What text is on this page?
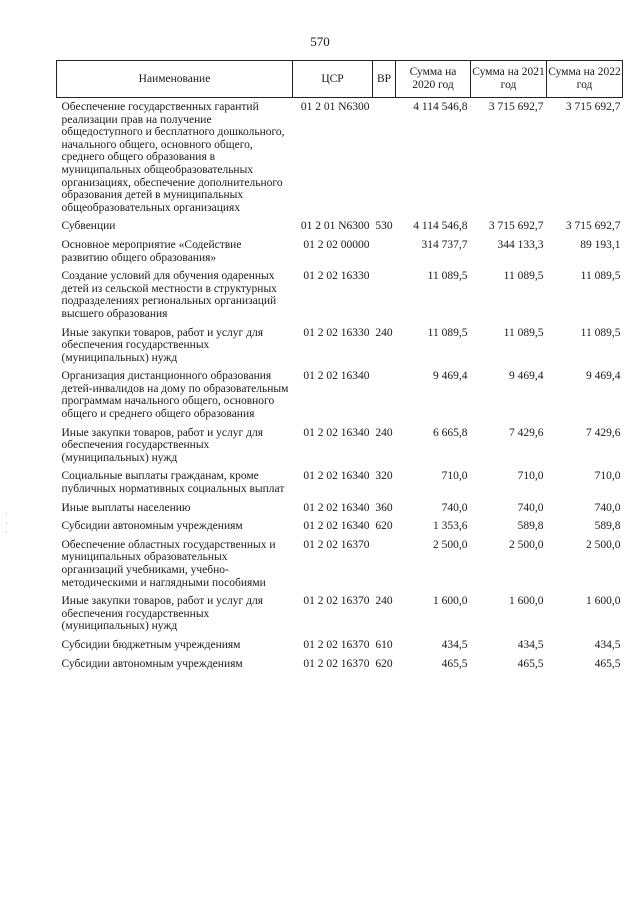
570
Наименование	ЦСР	ВР	Сумма на 2020 год	Сумма на 2021 год	Сумма на 2022 год
Обеспечение государственных гарантий реализации прав на получение общедоступного и бесплатного дошкольного, начального общего, основного общего, среднего общего образования в муниципальных общеобразовательных организациях, обеспечение дополнительного образования детей в муниципальных общеобразовательных организациях	01 2 01 N6300		4 114 546,8	3 715 692,7	3 715 692,7
Субвенции	01 2 01 N6300	530	4 114 546,8	3 715 692,7	3 715 692,7
Основное мероприятие «Содействие развитию общего образования»	01 2 02 00000		314 737,7	344 133,3	89 193,1
Создание условий для обучения одаренных детей из сельской местности в структурных подразделениях региональных организаций высшего образования	01 2 02 16330		11 089,5	11 089,5	11 089,5
Иные закупки товаров, работ и услуг для обеспечения государственных (муниципальных) нужд	01 2 02 16330	240	11 089,5	11 089,5	11 089,5
Организация дистанционного образования детей-инвалидов на дому по образовательным программам начального общего, основного общего и среднего общего образования	01 2 02 16340		9 469,4	9 469,4	9 469,4
Иные закупки товаров, работ и услуг для обеспечения государственных (муниципальных) нужд	01 2 02 16340	240	6 665,8	7 429,6	7 429,6
Социальные выплаты гражданам, кроме публичных нормативных социальных выплат	01 2 02 16340	320	710,0	710,0	710,0
Иные выплаты населению	01 2 02 16340	360	740,0	740,0	740,0
Субсидии автономным учреждениям	01 2 02 16340	620	1 353,6	589,8	589,8
Обеспечение областных государственных и муниципальных образовательных организаций учебниками, учебно-методическими и наглядными пособиями	01 2 02 16370		2 500,0	2 500,0	2 500,0
Иные закупки товаров, работ и услуг для обеспечения государственных (муниципальных) нужд	01 2 02 16370	240	1 600,0	1 600,0	1 600,0
Субсидии бюджетным учреждениям	01 2 02 16370	610	434,5	434,5	434,5
Субсидии автономным учреждениям	01 2 02 16370	620	465,5	465,5	465,5
·
·
·
